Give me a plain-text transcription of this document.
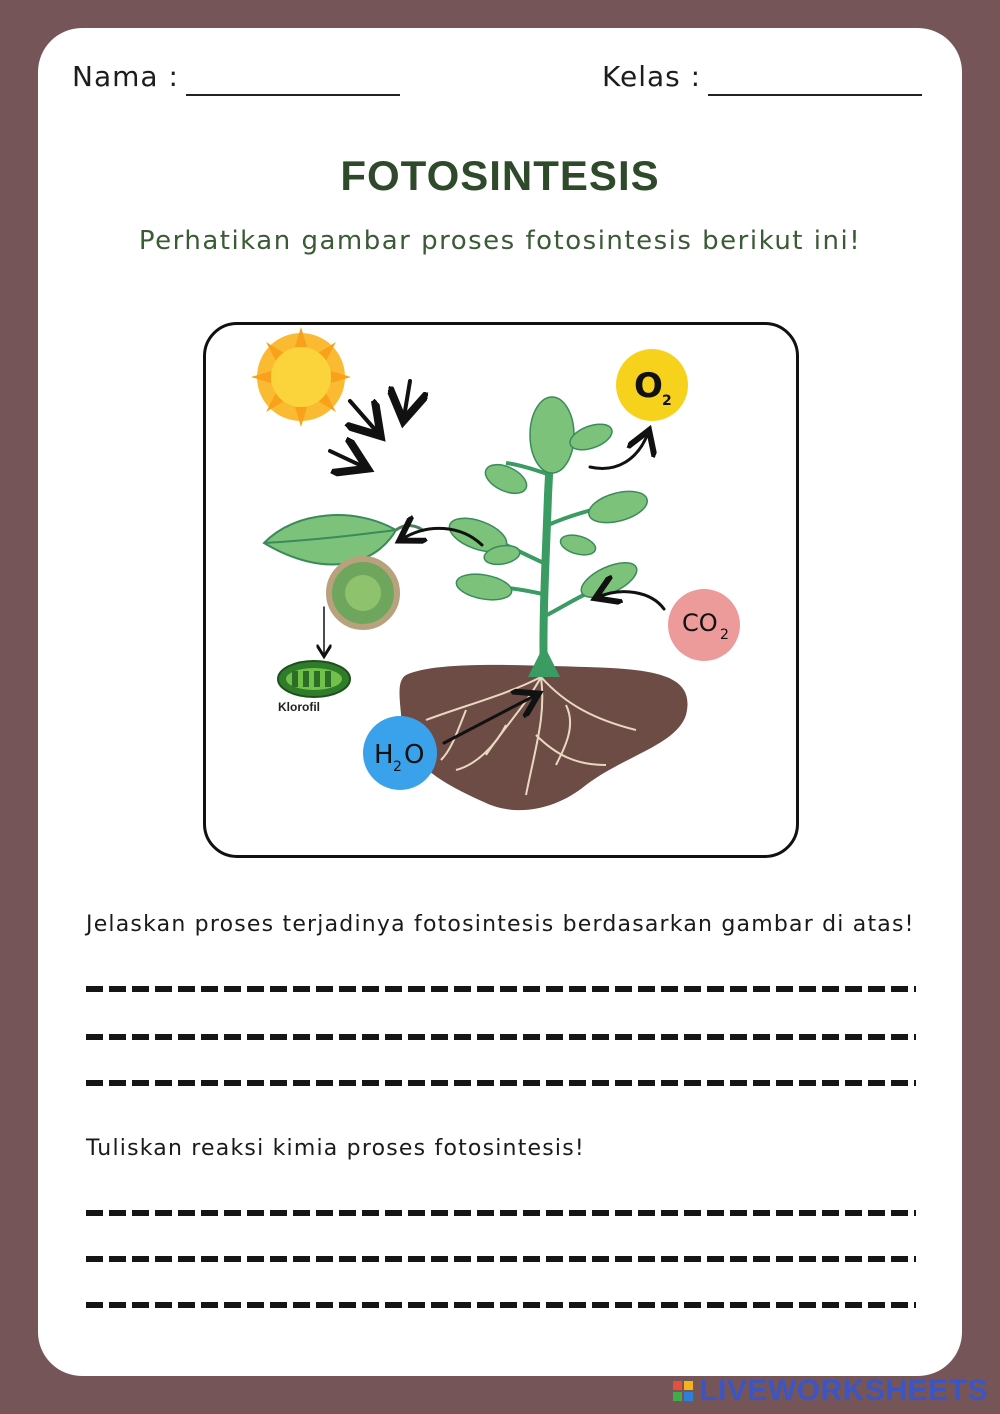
Nama :	Kelas :
FOTOSINTESIS
Perhatikan gambar proses fotosintesis berikut ini!
Klorofil
O 2
CO 2
H 2 O
Jelaskan proses terjadinya fotosintesis berdasarkan gambar di atas!
Tuliskan reaksi kimia proses fotosintesis!
LIVEWORKSHEETS
